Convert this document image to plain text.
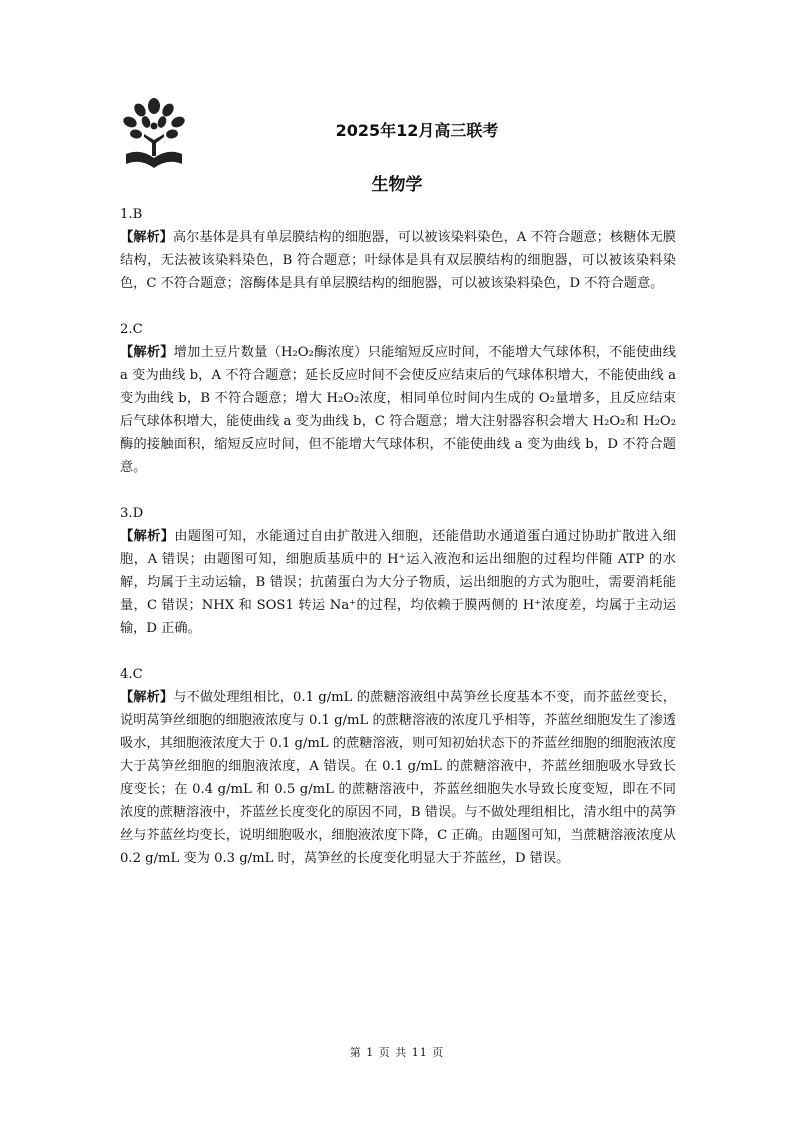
2025年12月高三联考
生物学

1.B

【解析】高尔基体是具有单层膜结构的细胞器，可以被该染料染色，A 不符合题意；核糖体无膜结构，无法被该染料染色，B 符合题意；叶绿体是具有双层膜结构的细胞器，可以被该染料染色，C 不符合题意；溶酶体是具有单层膜结构的细胞器，可以被该染料染色，D 不符合题意。

2.C

【解析】增加土豆片数量（H₂O₂酶浓度）只能缩短反应时间，不能增大气球体积，不能使曲线 a 变为曲线 b，A 不符合题意；延长反应时间不会使反应结束后的气球体积增大，不能使曲线 a 变为曲线 b，B 不符合题意；增大 H₂O₂浓度，相同单位时间内生成的 O₂量增多，且反应结束后气球体积增大，能使曲线 a 变为曲线 b，C 符合题意；增大注射器容积会增大 H₂O₂和 H₂O₂酶的接触面积，缩短反应时间，但不能增大气球体积，不能使曲线 a 变为曲线 b，D 不符合题意。

3.D

【解析】由题图可知，水能通过自由扩散进入细胞，还能借助水通道蛋白通过协助扩散进入细胞，A 错误；由题图可知，细胞质基质中的 H⁺运入液泡和运出细胞的过程均伴随 ATP 的水解，均属于主动运输，B 错误；抗菌蛋白为大分子物质，运出细胞的方式为胞吐，需要消耗能量，C 错误；NHX 和 SOS1 转运 Na⁺的过程，均依赖于膜两侧的 H⁺浓度差，均属于主动运输，D 正确。

4.C

【解析】与不做处理组相比，0.1 g/mL 的蔗糖溶液组中莴笋丝长度基本不变，而芥蓝丝变长，说明莴笋丝细胞的细胞液浓度与 0.1 g/mL 的蔗糖溶液的浓度几乎相等，芥蓝丝细胞发生了渗透吸水，其细胞液浓度大于 0.1 g/mL 的蔗糖溶液，则可知初始状态下的芥蓝丝细胞的细胞液浓度大于莴笋丝细胞的细胞液浓度，A 错误。在 0.1 g/mL 的蔗糖溶液中，芥蓝丝细胞吸水导致长度变长；在 0.4 g/mL 和 0.5 g/mL 的蔗糖溶液中，芥蓝丝细胞失水导致长度变短，即在不同浓度的蔗糖溶液中，芥蓝丝长度变化的原因不同，B 错误。与不做处理组相比，清水组中的莴笋丝与芥蓝丝均变长，说明细胞吸水，细胞液浓度下降，C 正确。由题图可知，当蔗糖溶液浓度从 0.2 g/mL 变为 0.3 g/mL 时，莴笋丝的长度变化明显大于芥蓝丝，D 错误。

第 1 页 共 11 页
